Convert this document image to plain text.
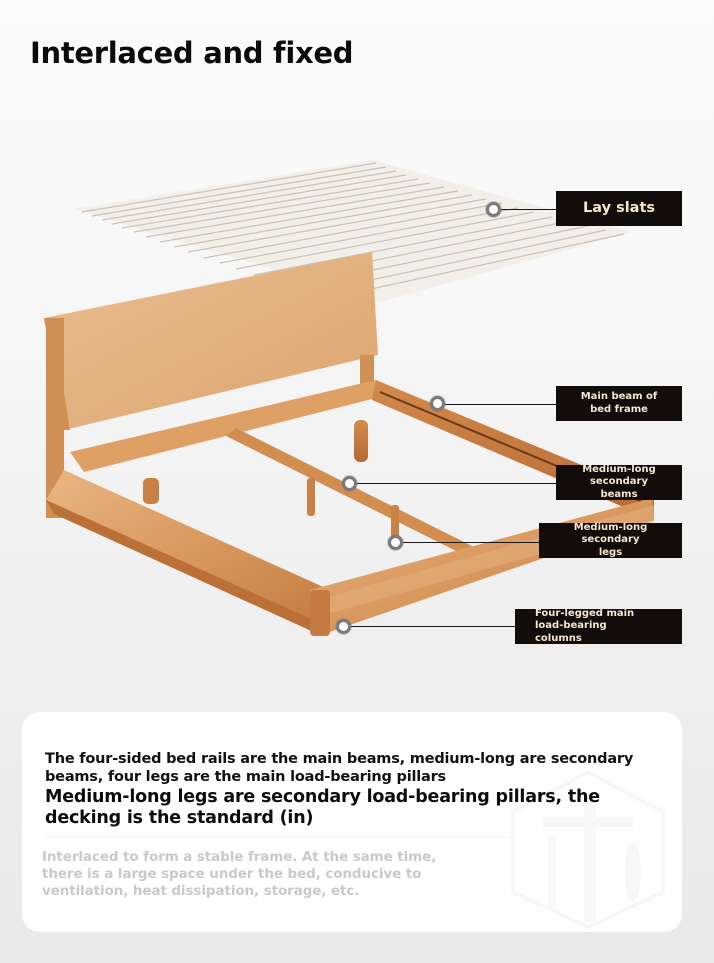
Interlaced and fixed
Lay slats
Main beam of bed frame
Medium-long secondary beams
Medium-long secondary legs
Four-legged main load-bearing columns
The four-sided bed rails are the main beams, medium-long are secondary beams, four legs are the main load-bearing pillars
Medium-long legs are secondary load-bearing pillars, the decking is the standard (in)
Interlaced to form a stable frame. At the same time, there is a large space under the bed, conducive to ventilation, heat dissipation, storage, etc.
